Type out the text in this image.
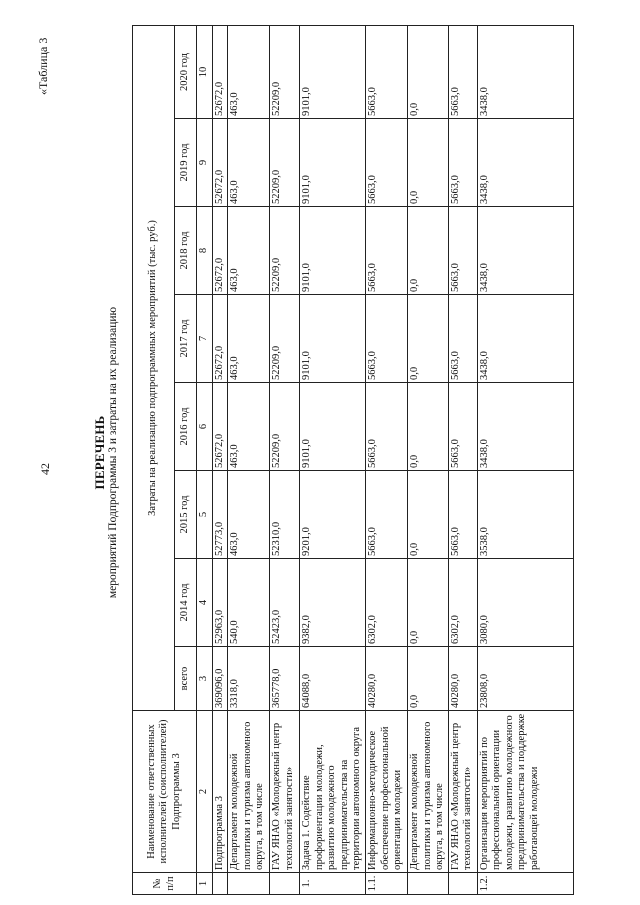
42
«Таблица 3
ПЕРЕЧЕНЬ мероприятий Подпрограммы 3 и затраты на их реализацию
№ п/п	Наименование ответственных исполнителей (соисполнителей) Подпрограммы 3	Затраты на реализацию подпрограммных мероприятий (тыс. руб.)							
		всего	2014 год	2015 год	2016 год	2017 год	2018 год	2019 год	2020 год
1	2	3	4	5	6	7	8	9	10
	Подпрограмма 3	369096,0	52963,0	52773,0	52672,0	52672,0	52672,0	52672,0	52672,0
	Департамент молодежной политики и туризма автономного округа, в том числе	3318,0	540,0	463,0	463,0	463,0	463,0	463,0	463,0
	ГАУ ЯНАО «Молодежный центр технологий занятости»	365778,0	52423,0	52310,0	52209,0	52209,0	52209,0	52209,0	52209,0
1.	Задача 1. Содействие профориентации молодежи, развитию молодежного предпринимательства на территории автономного округа	64088,0	9382,0	9201,0	9101,0	9101,0	9101,0	9101,0	9101,0
1.1.	Информационно-методическое обеспечение профессиональной ориентации молодежи	40280,0	6302,0	5663,0	5663,0	5663,0	5663,0	5663,0	5663,0
	Департамент молодежной политики и туризма автономного округа, в том числе	0,0	0,0	0,0	0,0	0,0	0,0	0,0	0,0
	ГАУ ЯНАО «Молодежный центр технологий занятости»	40280,0	6302,0	5663,0	5663,0	5663,0	5663,0	5663,0	5663,0
1.2.	Организация мероприятий по профессиональной ориентации молодежи, развитию молодежного предпринимательства и поддержке работающей молодежи	23808,0	3080,0	3538,0	3438,0	3438,0	3438,0	3438,0	3438,0
